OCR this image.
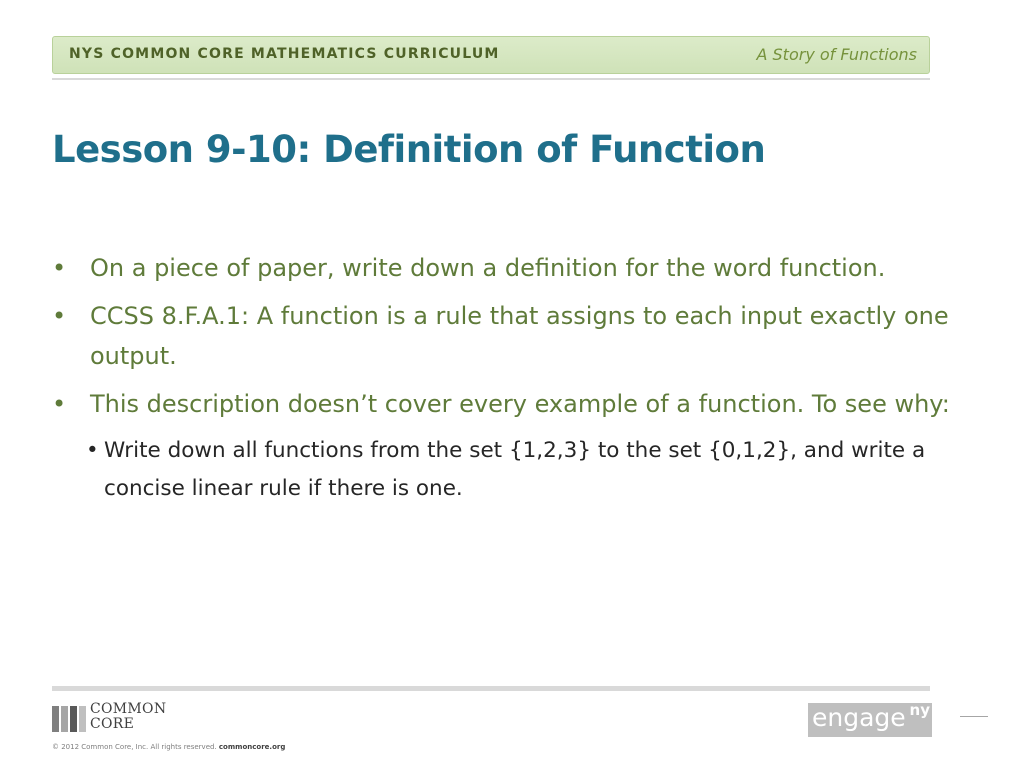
NYS COMMON CORE MATHEMATICS CURRICULUM	A Story of Functions
Lesson 9-10: Definition of Function
• On a piece of paper, write down a definition for the word function.
• CCSS 8.F.A.1: A function is a rule that assigns to each input exactly one output.
• This description doesn’t cover every example of a function. To see why:
• Write down all functions from the set {1,2,3} to the set {0,1,2}, and write a concise linear rule if there is one.
COMMON
CORE
© 2012 Common Core, Inc. All rights reserved. commoncore.org
engage ny
